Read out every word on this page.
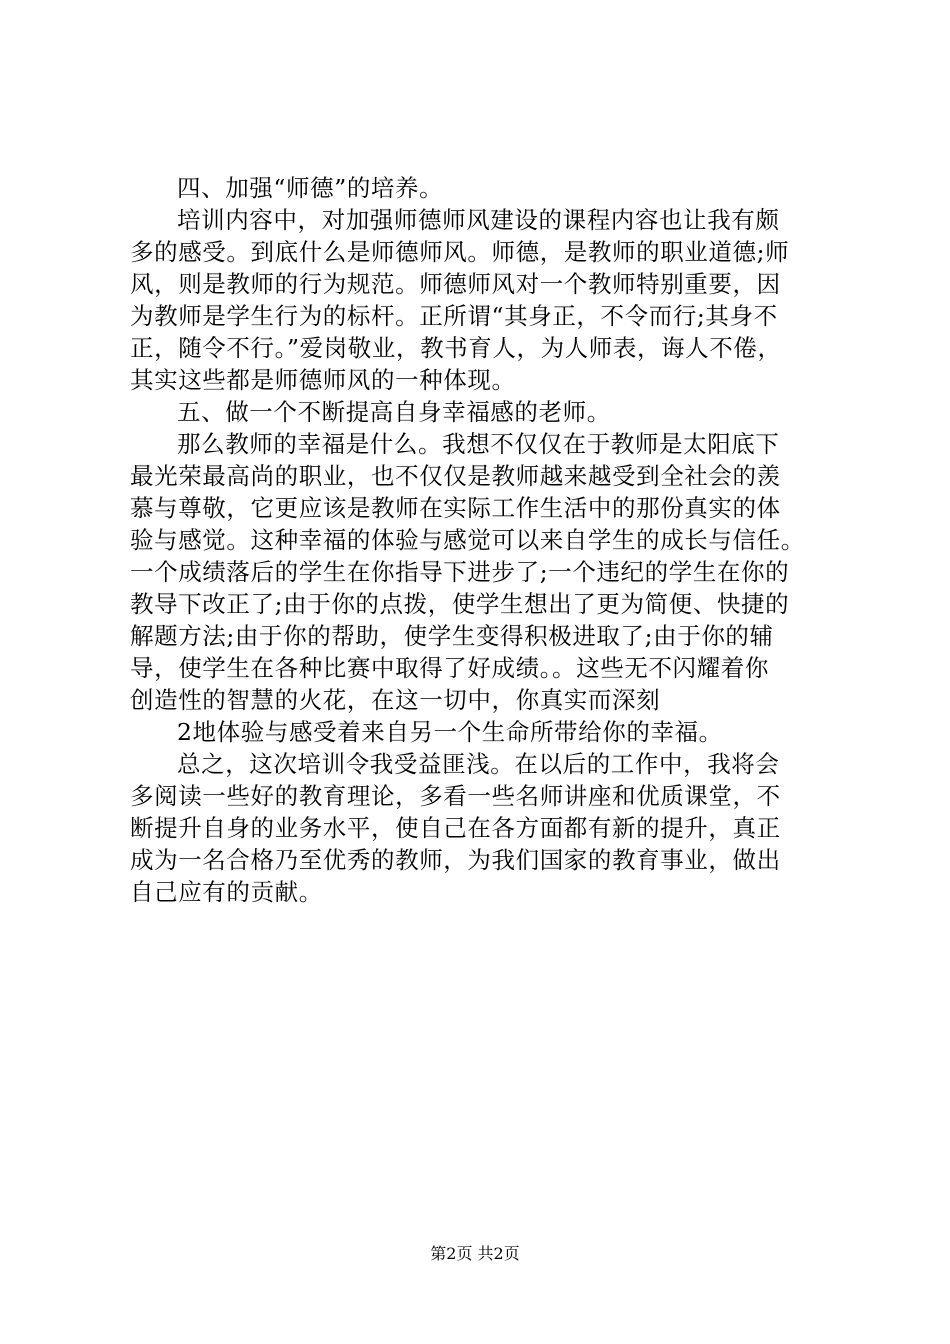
四、加强“师德”的培养。
培训内容中，对加强师德师风建设的课程内容也让我有颇
多的感受。到底什么是师德师风。师德，是教师的职业道德;师
风，则是教师的行为规范。师德师风对一个教师特别重要，因
为教师是学生行为的标杆。正所谓“其身正，不令而行;其身不
正，随令不行。”爱岗敬业，教书育人，为人师表，诲人不倦，
其实这些都是师德师风的一种体现。
五、做一个不断提高自身幸福感的老师。
那么教师的幸福是什么。我想不仅仅在于教师是太阳底下
最光荣最高尚的职业，也不仅仅是教师越来越受到全社会的羡
慕与尊敬，它更应该是教师在实际工作生活中的那份真实的体
验与感觉。这种幸福的体验与感觉可以来自学生的成长与信任。
一个成绩落后的学生在你指导下进步了;一个违纪的学生在你的
教导下改正了;由于你的点拨，使学生想出了更为简便、快捷的
解题方法;由于你的帮助，使学生变得积极进取了;由于你的辅
导，使学生在各种比赛中取得了好成绩。。这些无不闪耀着你
创造性的智慧的火花，在这一切中，你真实而深刻
2地体验与感受着来自另一个生命所带给你的幸福。
总之，这次培训令我受益匪浅。在以后的工作中，我将会
多阅读一些好的教育理论，多看一些名师讲座和优质课堂，不
断提升自身的业务水平，使自己在各方面都有新的提升，真正
成为一名合格乃至优秀的教师，为我们国家的教育事业，做出
自己应有的贡献。
第2页 共2页
